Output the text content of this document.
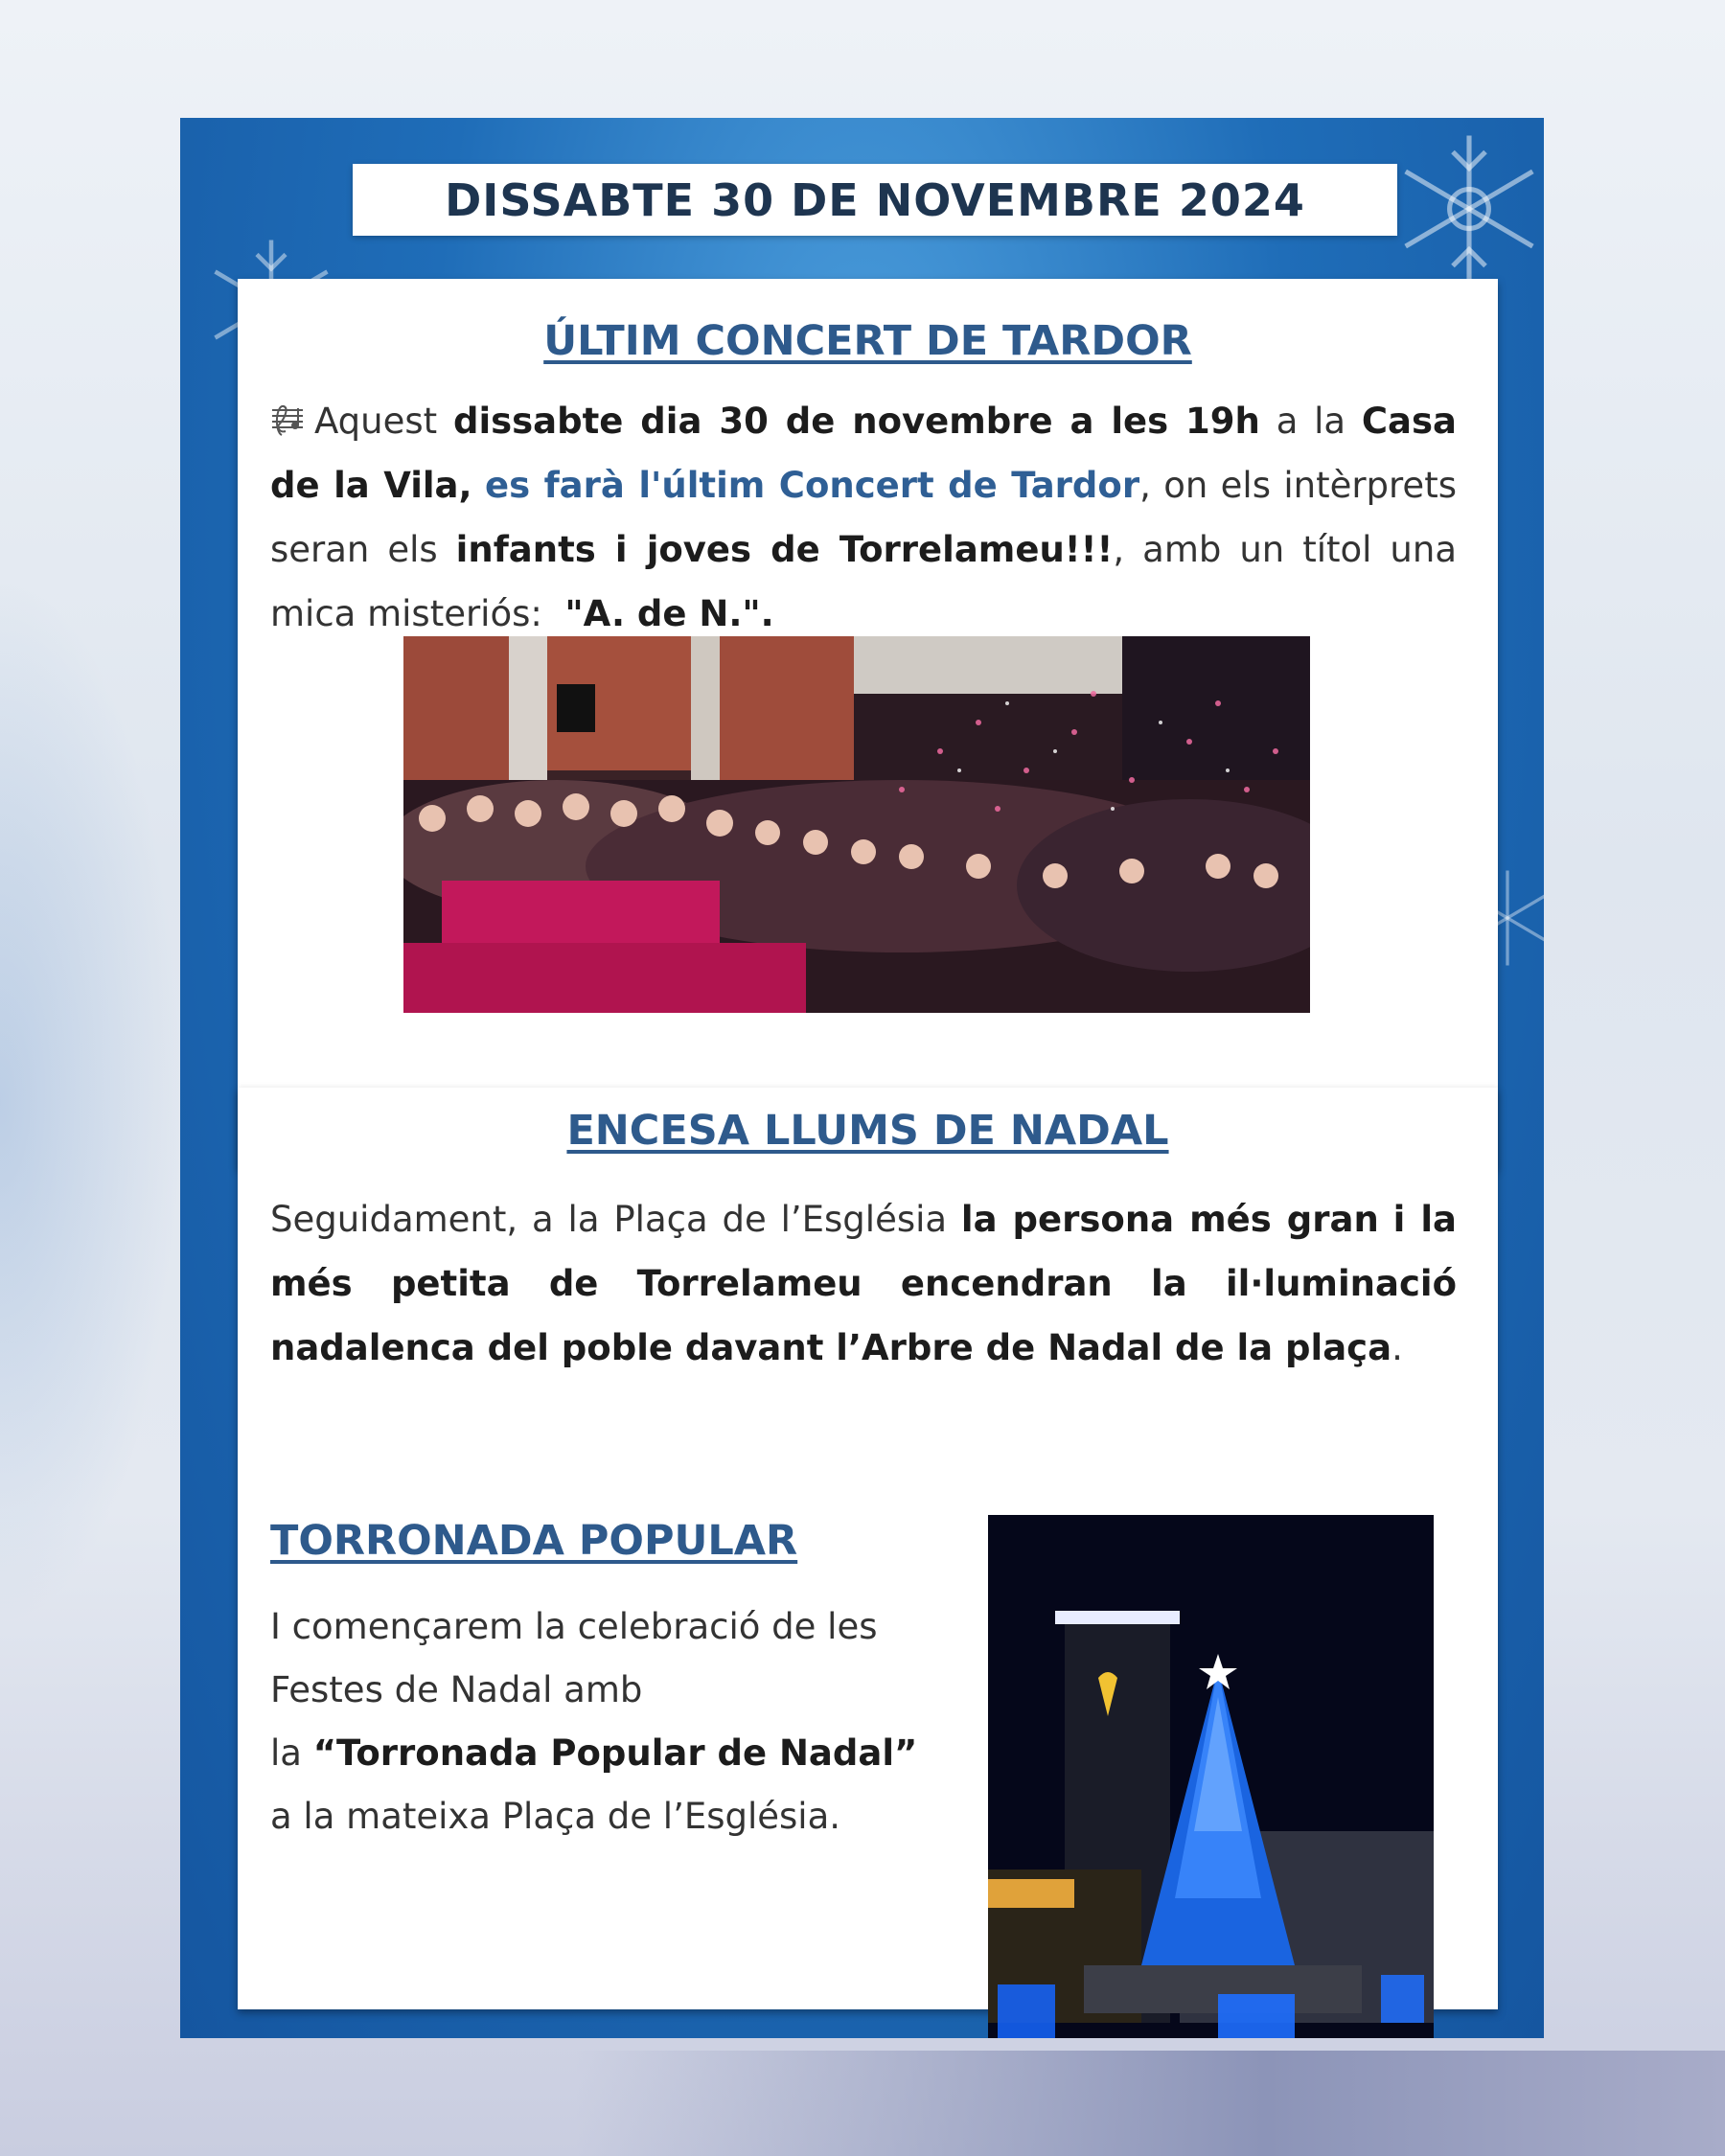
DISSABTE 30 DE NOVEMBRE 2024
ÚLTIM CONCERT DE TARDOR

Aquest dissabte dia 30 de novembre a les 19h a la Casa de la Vila, es farà l'últim Concert de Tardor, on els intèrprets seran els infants i joves de Torrelameu!!!, amb un títol una mica misteriós: "A. de N.".

ENCESA LLUMS DE NADAL

Seguidament, a la Plaça de l’Església la persona més gran i la més petita de Torrelameu encendran la il·luminació nadalenca del poble davant l’Arbre de Nadal de la plaça.

TORRONADA POPULAR
I començarem la celebració de les
Festes de Nadal amb
la “Torronada Popular de Nadal”
a la mateixa Plaça de l’Església.
